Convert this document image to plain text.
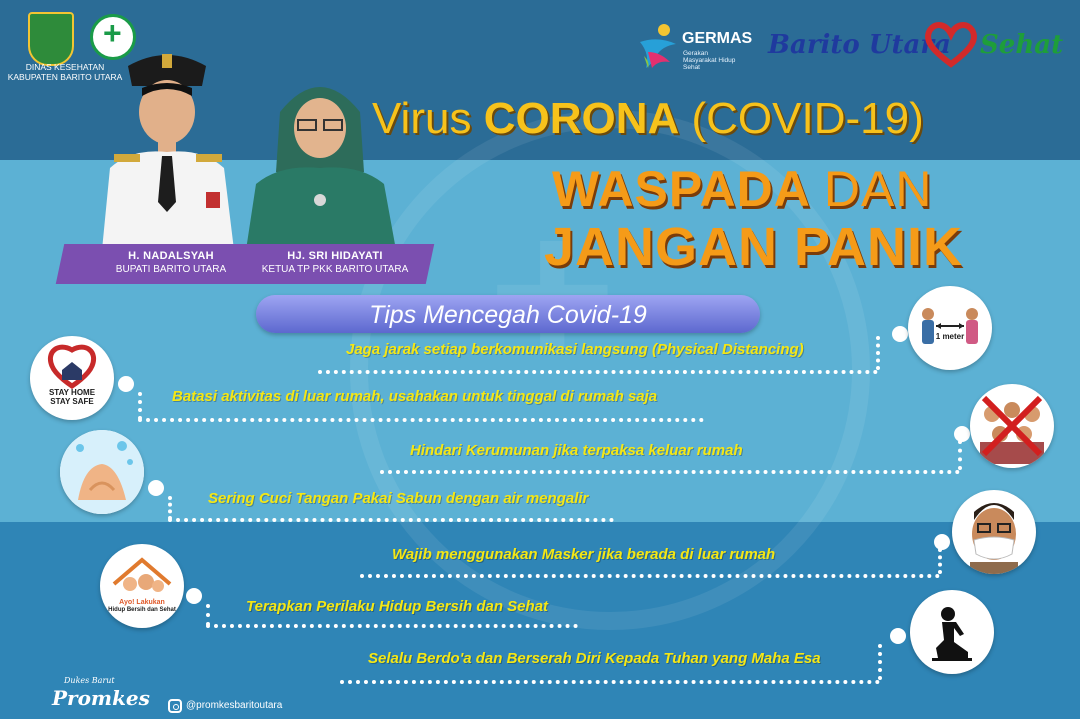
+
+
DINAS KESEHATAN
KABUPATEN BARITO UTARA
GERMAS
Gerakan Masyarakat Hidup Sehat
Barito Utara Sehat
H. NADALSYAH
BUPATI BARITO UTARA
HJ. SRI HIDAYATI
KETUA TP PKK BARITO UTARA
Virus CORONA (COVID-19)
WASPADA DAN
JANGAN PANIK
Tips Mencegah Covid-19
Jaga jarak setiap berkomunikasi langsung (Physical Distancing)
1 meter
STAY HOME
STAY SAFE	Batasi aktivitas di luar rumah, usahakan untuk tinggal di rumah saja
Hindari Kerumunan jika terpaksa keluar rumah
Sering Cuci Tangan Pakai Sabun dengan air mengalir
Wajib menggunakan Masker jika berada di luar rumah
Ayo! Lakukan
Hidup Bersih dan Sehat	Terapkan Perilaku Hidup Bersih dan Sehat
Selalu Berdo'a dan Berserah Diri Kepada Tuhan yang Maha Esa
Dukes Barut
Promkes	@promkesbaritoutara
